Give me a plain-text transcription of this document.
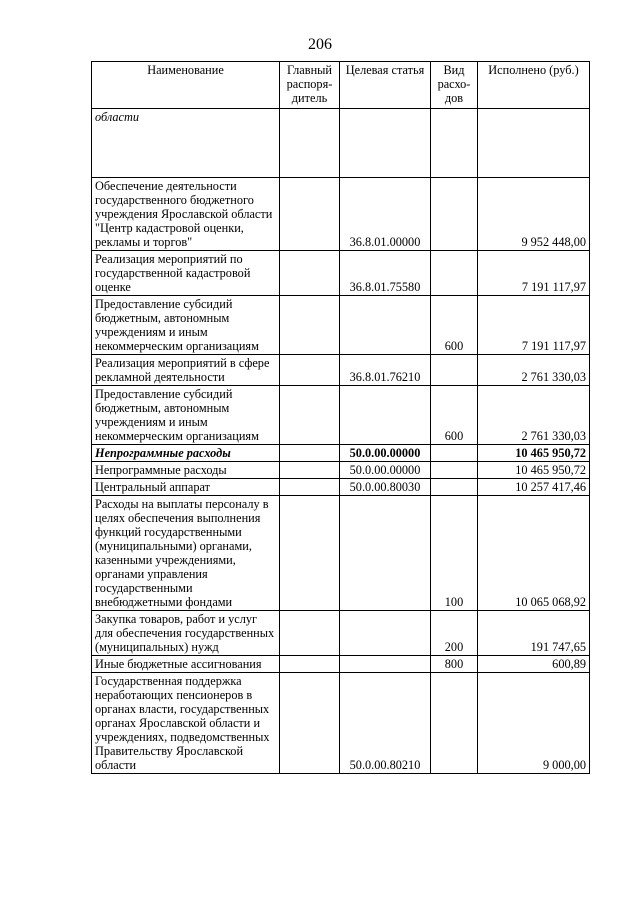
206
Наименование	Главный распоря-дитель	Целевая статья	Вид расхо-дов	Исполнено (руб.)
области				
Обеспечение деятельности государственного бюджетного учреждения Ярославской области "Центр кадастровой оценки, рекламы и торгов"		36.8.01.00000		9 952 448,00
Реализация мероприятий по государственной кадастровой оценке		36.8.01.75580		7 191 117,97
Предоставление субсидий бюджетным, автономным учреждениям и иным некоммерческим организациям			600	7 191 117,97
Реализация мероприятий в сфере рекламной деятельности		36.8.01.76210		2 761 330,03
Предоставление субсидий бюджетным, автономным учреждениям и иным некоммерческим организациям			600	2 761 330,03
Непрограммные расходы		50.0.00.00000		10 465 950,72
Непрограммные расходы		50.0.00.00000		10 465 950,72
Центральный аппарат		50.0.00.80030		10 257 417,46
Расходы на выплаты персоналу в целях обеспечения выполнения функций государственными (муниципальными) органами, казенными учреждениями, органами управления государственными внебюджетными фондами			100	10 065 068,92
Закупка товаров, работ и услуг для обеспечения государственных (муниципальных) нужд			200	191 747,65
Иные бюджетные ассигнования			800	600,89
Государственная поддержка неработающих пенсионеров в органах власти, государственных органах Ярославской области и учреждениях, подведомственных Правительству Ярославской области		50.0.00.80210		9 000,00
